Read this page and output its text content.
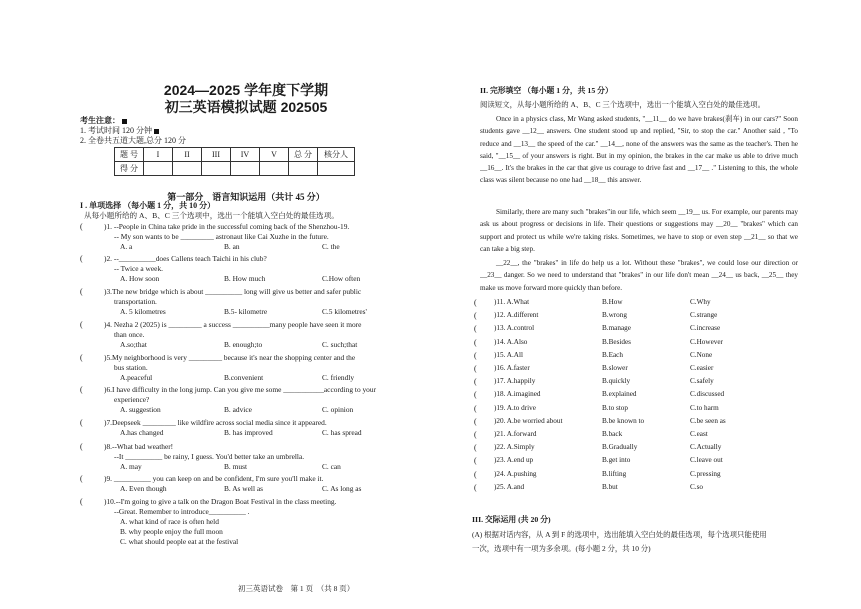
2024—2025 学年度下学期
初三英语模拟试题 202505
考生注意：
1. 考试时间 120 分钟
2. 全卷共五道大题,总分 120 分
题 号	I	II	III	IV	V	总 分	核分人
得 分							
第一部分　语言知识运用（共计 45 分）
I . 单项选择 （每小题 1 分，共 10 分）
从每小题所给的 A、B、C 三个选项中，选出一个能填入空白处的最佳选项。
(	)1. --People in China take pride in the successful coming back of the Shenzhou-19.
-- My son wants to be _________ astronaut like Cai Xuzhe in the future.
A. a	B. an	C. the
(	)2. --__________does Callens teach Taichi in his club?
-- Twice a week.
A. How soon	B. How much	C.How often
(	)3.The new bridge which is about __________ long will give us better and safer public
transportation.
A. 5 kilometres	B.5- kilometre	C.5 kilometres'
(	)4. Nezha 2 (2025) is _________ a success __________many people have seen it more
than once.
A.so;that	B. enough;to	C. such;that
(	)5.My neighborhood is very _________ because it's near the shopping center and the
bus station.
A.peaceful	B.convenient	C. friendly
(	)6.I have difficulty in the long jump. Can you give me some ___________according to your
experience?
A. suggestion	B. advice	C. opinion
(	)7.Deepseek _________ like wildfire across social media since it appeared.
A.has changed	B. has improved	C. has spread
(	)8.--What bad weather!
--It __________ be rainy, I guess. You'd better take an umbrella.
A. may	B. must	C. can
(	)9. __________ you can keep on and be confident, I'm sure you'll make it.
A. Even though	B. As well as	C. As long as
(	)10.--I'm going to give a talk on the Dragon Boat Festival in the class meeting.
--Great. Remember to introduce__________ .
A. what kind of race is often held
B. why people enjoy the full moon
C. what should people eat at the festival
初三英语试卷　第 1 页　（共 8 页）
II. 完形填空 （每小题 1 分，共 15 分）
阅读短文，从每小题所给的 A、B、C 三个选项中，选出一个能填入空白处的最佳选项。
Once in a physics class, Mr Wang asked students, "__11__ do we have brakes(刹车) in our cars?" Soon students gave __12__ answers. One student stood up and replied, "Sir, to stop the car." Another said , "To reduce and __13__ the speed of the car." __14__, none of the answers was the same as the teacher's. Then he said, "__15__ of your answers is right. But in my opinion, the brakes in the car make us able to drive much __16__. It's the brakes in the car that give us courage to drive fast and __17__ ." Listening to this, the whole class was silent because no one had __18__ this answer.
Similarly, there are many such "brakes"in our life, which seem __19__ us. For example, our parents may ask us about progress or decisions in life. Their questions or suggestions may __20__ "brakes" which can support and protect us while we're taking risks. Sometimes, we have to stop or even step __21__ so that we can take a big step.
__22__, the "brakes" in life do help us a lot. Without these "brakes", we could lose our direction or __23__ danger. So we need to understand that "brakes" in our life don't mean __24__ us back, __25__ they make us move forward more quickly than before.
( )11. A.What	B.How	C.Why
( )12. A.different	B.wrong	C.strange
( )13. A.control	B.manage	C.increase
( )14. A.Also	B.Besides	C.However
( )15. A.All	B.Each	C.None
( )16. A.faster	B.slower	C.easier
( )17. A.happily	B.quickly	C.safely
( )18. A.imagined	B.explained	C.discussed
( )19. A.to drive	B.to stop	C.to harm
( )20. A.be worried about	B.be known to	C.be seen as
( )21. A.forward	B.back	C.east
( )22. A.Simply	B.Gradually	C.Actually
( )23. A.end up	B.get into	C.leave out
( )24. A.pushing	B.lifting	C.pressing
( )25. A.and	B.but	C.so
III. 交际运用 (共 20 分)
(A) 根据对话内容，从 A 到 F 的选项中，选出能填入空白处的最佳选项，每个选项只能使用
一次，选项中有一项为多余项。(每小题 2 分，共 10 分)
